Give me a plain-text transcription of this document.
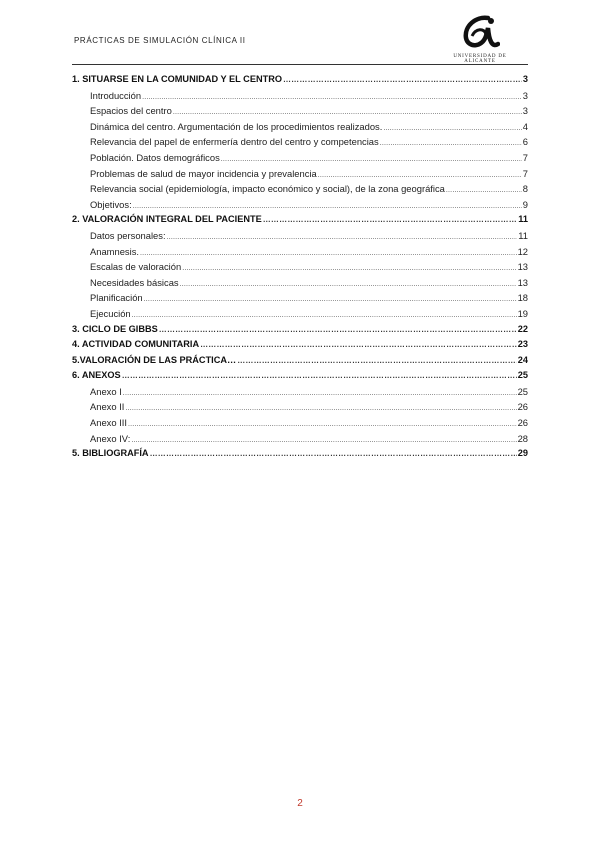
PRÁCTICAS DE SIMULACIÓN CLÍNICA II
UNIVERSIDAD DE ALICANTE
1. SITUARSE EN LA COMUNIDAD Y EL CENTRO ………………………………………………………………………………………………………………………………………………………………………………	3
Introducción .....	3
Espacios del centro .....	3
Dinámica del centro. Argumentación de los procedimientos realizados. .....	4
Relevancia del papel de enfermería dentro del centro y competencias .....	6
Población. Datos demográficos .....	7
Problemas de salud de mayor incidencia y prevalencia .....	7
Relevancia social (epidemiología, impacto económico y social), de la zona geográfica .....	8
Objetivos: .....	9
2. VALORACIÓN INTEGRAL DEL PACIENTE ………………………………………………………………………………………………………………………………………………………………………………	11
Datos personales: .....	11
Anamnesis. .....	12
Escalas de valoración .....	13
Necesidades básicas .....	13
Planificación .....	18
Ejecución .....	19
3. CICLO DE GIBBS ………………………………………………………………………………………………………………………………………………………………………………	22
4. ACTIVIDAD COMUNITARIA ………………………………………………………………………………………………………………………………………………………………………………	23
5.VALORACIÓN DE LAS PRÁCTICA… ………………………………………………………………………………………………………………………………………………………………………………	24
6. ANEXOS ………………………………………………………………………………………………………………………………………………………………………………	25
Anexo I .....	25
Anexo II .....	26
Anexo III .....	26
Anexo IV: .....	28
5. BIBLIOGRAFÍA ………………………………………………………………………………………………………………………………………………………………………………	29
2
